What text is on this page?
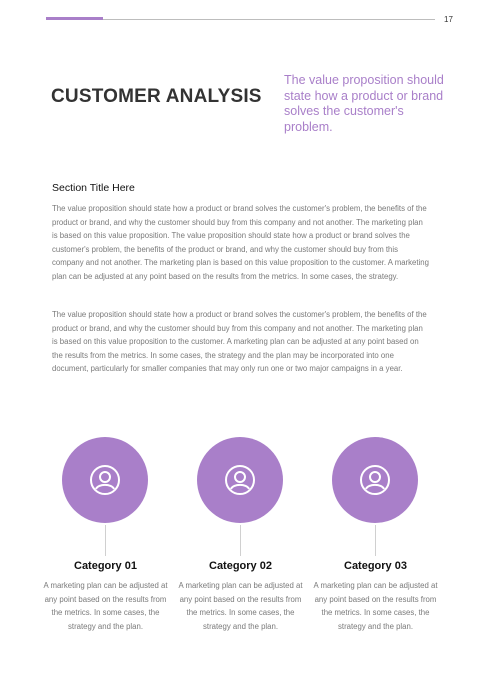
17
CUSTOMER ANALYSIS
The value proposition should state how a product or brand solves the customer's problem.
Section Title Here

The value proposition should state how a product or brand solves the customer's problem, the benefits of the product or brand, and why the customer should buy from this company and not another. The marketing plan is based on this value proposition. The value proposition should state how a product or brand solves the customer's problem, the benefits of the product or brand, and why the customer should buy from this company and not another. The marketing plan is based on this value proposition to the customer. A marketing plan can be adjusted at any point based on the results from the metrics. In some cases, the strategy.

The value proposition should state how a product or brand solves the customer's problem, the benefits of the product or brand, and why the customer should buy from this company and not another. The marketing plan is based on this value proposition to the customer. A marketing plan can be adjusted at any point based on the results from the metrics. In some cases, the strategy and the plan may be incorporated into one document, particularly for smaller companies that may only run one or two major campaigns in a year.

Category 01
A marketing plan can be adjusted at any point based on the results from the metrics. In some cases, the strategy and the plan.
Category 02
A marketing plan can be adjusted at any point based on the results from the metrics. In some cases, the strategy and the plan.
Category 03
A marketing plan can be adjusted at any point based on the results from the metrics. In some cases, the strategy and the plan.
